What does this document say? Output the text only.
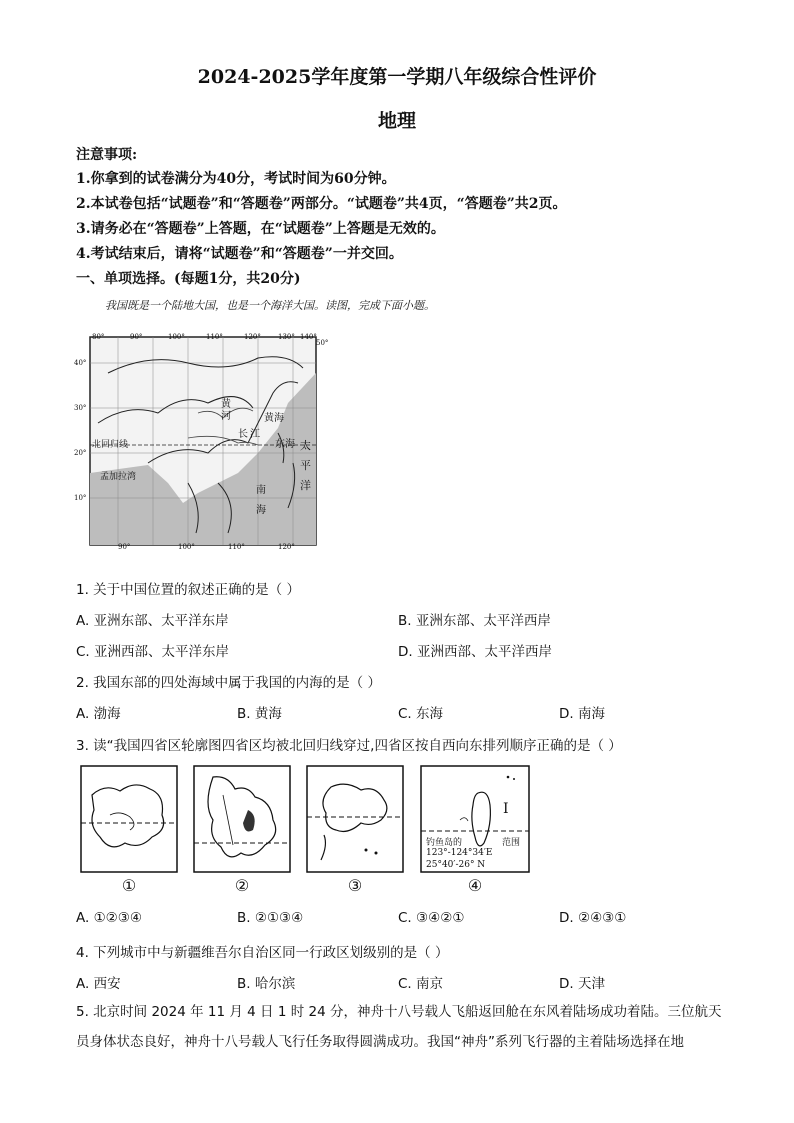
2024-2025学年度第一学期八年级综合性评价
地理
注意事项:
1.你拿到的试卷满分为40分，考试时间为60分钟。
2.本试卷包括“试题卷”和“答题卷”两部分。“试题卷”共4页，“答题卷”共2页。
3.请务必在“答题卷”上答题，在“试题卷”上答题是无效的。
4.考试结束后，请将“试题卷”和“答题卷”一并交回。
一、单项选择。(每题1分，共20分)
我国既是一个陆地大国，也是一个海洋大国。读图，完成下面小题。
80°	90°	100°	110°	120° 130° 140°
90°	100°	110°	120°
40°
30°
20°
10°
50°
黄
河	黄海
长 江
东海 太
平
洋
南
海
北回归线
孟加拉湾
1. 关于中国位置的叙述正确的是（ ）
A. 亚洲东部、太平洋东岸	B. 亚洲东部、太平洋西岸
C. 亚洲西部、太平洋东岸	D. 亚洲西部、太平洋西岸
2. 我国东部的四处海域中属于我国的内海的是（ ）
A. 渤海	B. 黄海	C. 东海	D. 南海
3. 读“我国四省区轮廓图四省区均被北回归线穿过,四省区按自西向东排列顺序正确的是（ ）
I
钓鱼岛的	范围
123°-124°34′E
25°40′-26° N
①	②	③	④
A. ①②③④	B. ②①③④	C. ③④②①	D. ②④③①
4. 下列城市中与新疆维吾尔自治区同一行政区划级别的是（ ）
A. 西安	B. 哈尔滨	C. 南京	D. 天津
5. 北京时间 2024 年 11 月 4 日 1 时 24 分，神舟十八号载人飞船返回舱在东风着陆场成功着陆。三位航天
员身体状态良好，神舟十八号载人飞行任务取得圆满成功。我国“神舟”系列飞行器的主着陆场选择在地
